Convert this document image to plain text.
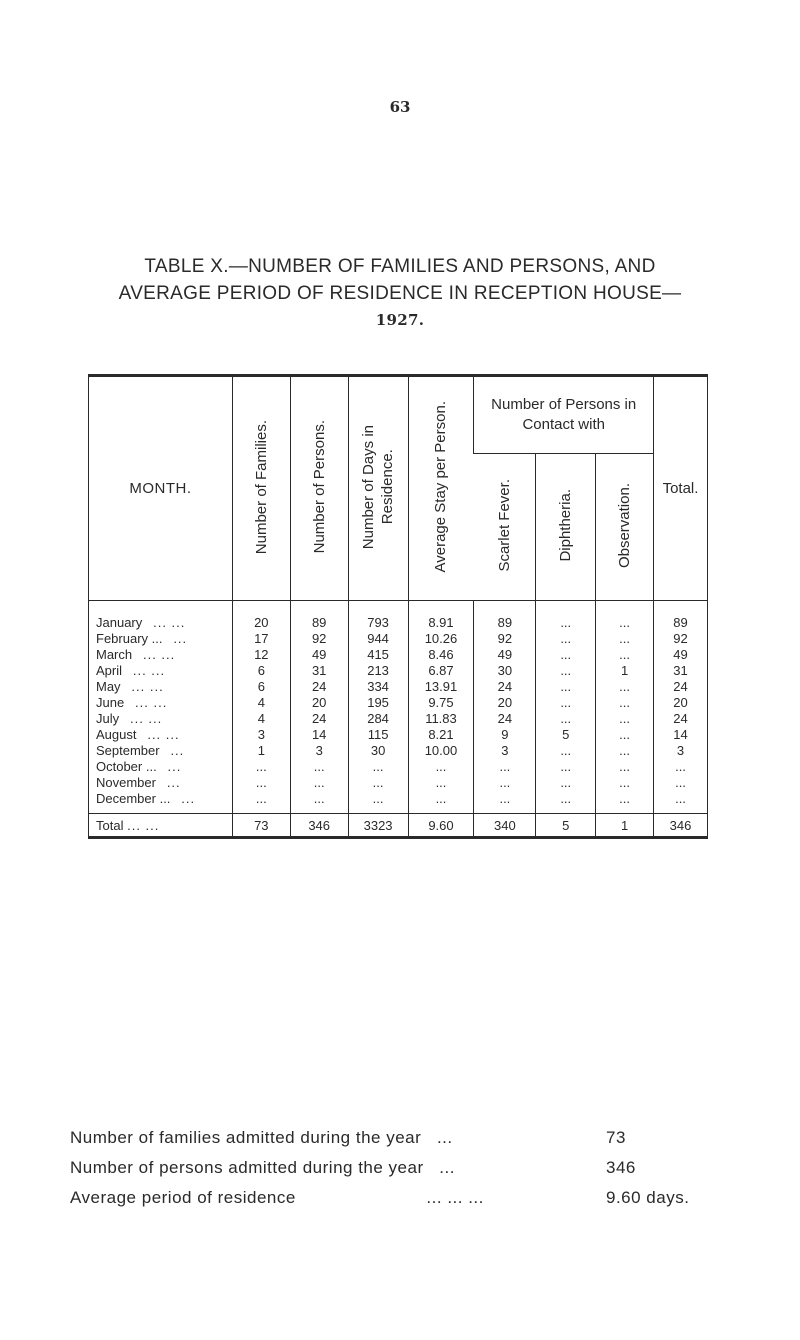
63
TABLE X.—NUMBER OF FAMILIES AND PERSONS, AND
AVERAGE PERIOD OF RESIDENCE IN RECEPTION HOUSE—
1927.
MONTH.	Number of Families.	Number of Persons.	Number of Days in Residence.	Average Stay per Person.	Number of Persons in Contact with			Total.
					Scarlet Fever.	Diphtheria.	Observation.	
January ... ...	20	89	793	8.91	89	...	...	89
February ... ...	17	92	944	10.26	92	...	...	92
March ... ...	12	49	415	8.46	49	...	...	49
April ... ...	6	31	213	6.87	30	...	1	31
May ... ...	6	24	334	13.91	24	...	...	24
June ... ...	4	20	195	9.75	20	...	...	20
July ... ...	4	24	284	11.83	24	...	...	24
August ... ...	3	14	115	8.21	9	5	...	14
September ...	1	3	30	10.00	3	...	...	3
October ... ...	...	...	...	...	...	...	...	...
November ...	...	...	...	...	...	...	...	...
December ... ...	...	...	...	...	...	...	...	...
Total ... ...	73	346	3323	9.60	340	5	1	346
Number of families admitted during the year ...	73
Number of persons admitted during the year ...	346
Average period of residence	... ... ...	9.60 days.
